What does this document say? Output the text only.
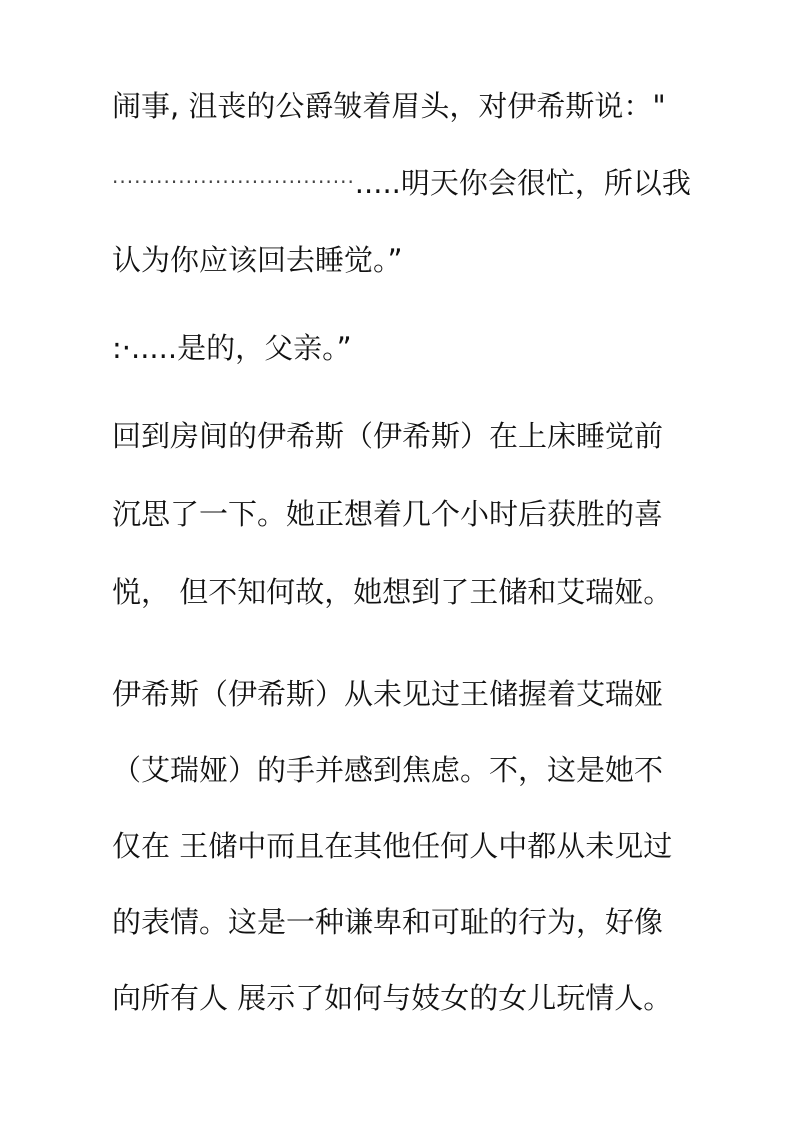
闹事, 沮丧的公爵皱着眉头，对伊希斯说："
·································.....明天你会很忙，所以我
认为你应该回去睡觉。”
:·.....是的，父亲。”
回到房间的伊希斯（伊希斯）在上床睡觉前
沉思了一下。她正想着几个小时后获胜的喜
悦， 但不知何故，她想到了王储和艾瑞娅。
伊希斯（伊希斯）从未见过王储握着艾瑞娅
（艾瑞娅）的手并感到焦虑。不，这是她不
仅在 王储中而且在其他任何人中都从未见过
的表情。这是一种谦卑和可耻的行为，好像
向所有人 展示了如何与妓女的女儿玩情人。
